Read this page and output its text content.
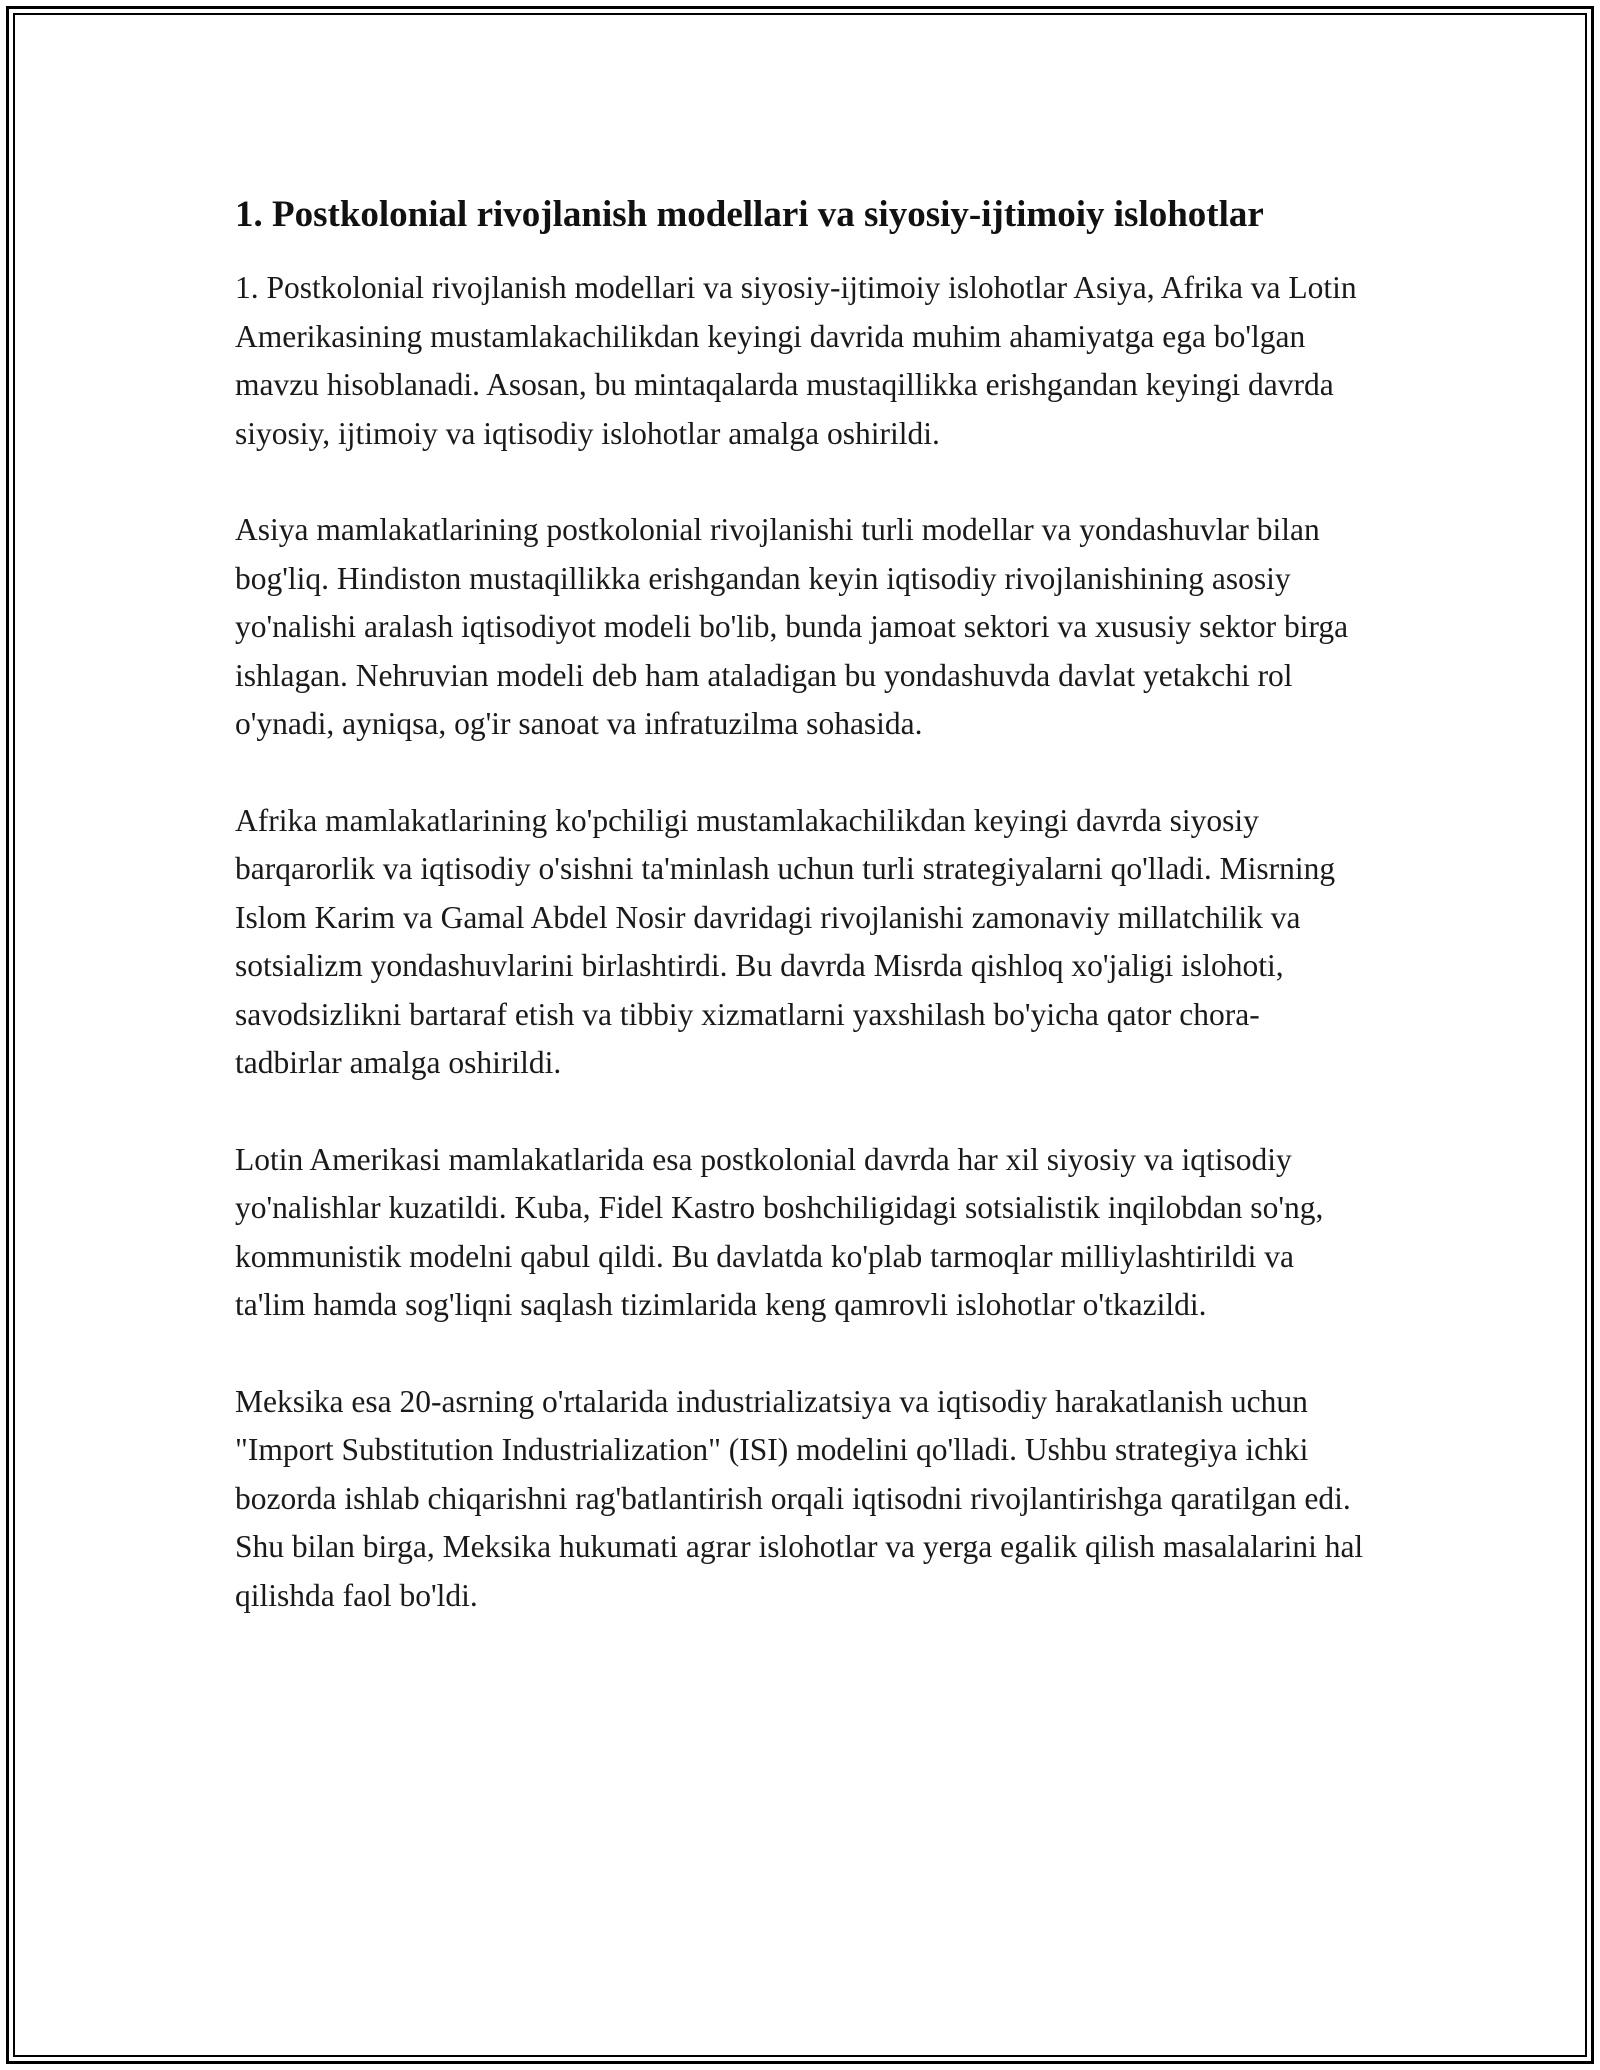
1. Postkolonial rivojlanish modellari va siyosiy-ijtimoiy islohotlar

1. Postkolonial rivojlanish modellari va siyosiy-ijtimoiy islohotlar Asiya, Afrika va Lotin Amerikasining mustamlakachilikdan keyingi davrida muhim ahamiyatga ega bo'lgan mavzu hisoblanadi. Asosan, bu mintaqalarda mustaqillikka erishgandan keyingi davrda siyosiy, ijtimoiy va iqtisodiy islohotlar amalga oshirildi.

Asiya mamlakatlarining postkolonial rivojlanishi turli modellar va yondashuvlar bilan bog'liq. Hindiston mustaqillikka erishgandan keyin iqtisodiy rivojlanishining asosiy yo'nalishi aralash iqtisodiyot modeli bo'lib, bunda jamoat sektori va xususiy sektor birga ishlagan. Nehruvian modeli deb ham ataladigan bu yondashuvda davlat yetakchi rol o'ynadi, ayniqsa, og'ir sanoat va infratuzilma sohasida.

Afrika mamlakatlarining ko'pchiligi mustamlakachilikdan keyingi davrda siyosiy barqarorlik va iqtisodiy o'sishni ta'minlash uchun turli strategiyalarni qo'lladi. Misrning Islom Karim va Gamal Abdel Nosir davridagi rivojlanishi zamonaviy millatchilik va sotsializm yondashuvlarini birlashtirdi. Bu davrda Misrda qishloq xo'jaligi islohoti, savodsizlikni bartaraf etish va tibbiy xizmatlarni yaxshilash bo'yicha qator chora-tadbirlar amalga oshirildi.

Lotin Amerikasi mamlakatlarida esa postkolonial davrda har xil siyosiy va iqtisodiy yo'nalishlar kuzatildi. Kuba, Fidel Kastro boshchiligidagi sotsialistik inqilobdan so'ng, kommunistik modelni qabul qildi. Bu davlatda ko'plab tarmoqlar milliylashtirildi va ta'lim hamda sog'liqni saqlash tizimlarida keng qamrovli islohotlar o'tkazildi.

Meksika esa 20-asrning o'rtalarida industrializatsiya va iqtisodiy harakatlanish uchun "Import Substitution Industrialization" (ISI) modelini qo'lladi. Ushbu strategiya ichki bozorda ishlab chiqarishni rag'batlantirish orqali iqtisodni rivojlantirishga qaratilgan edi. Shu bilan birga, Meksika hukumati agrar islohotlar va yerga egalik qilish masalalarini hal qilishda faol bo'ldi.
